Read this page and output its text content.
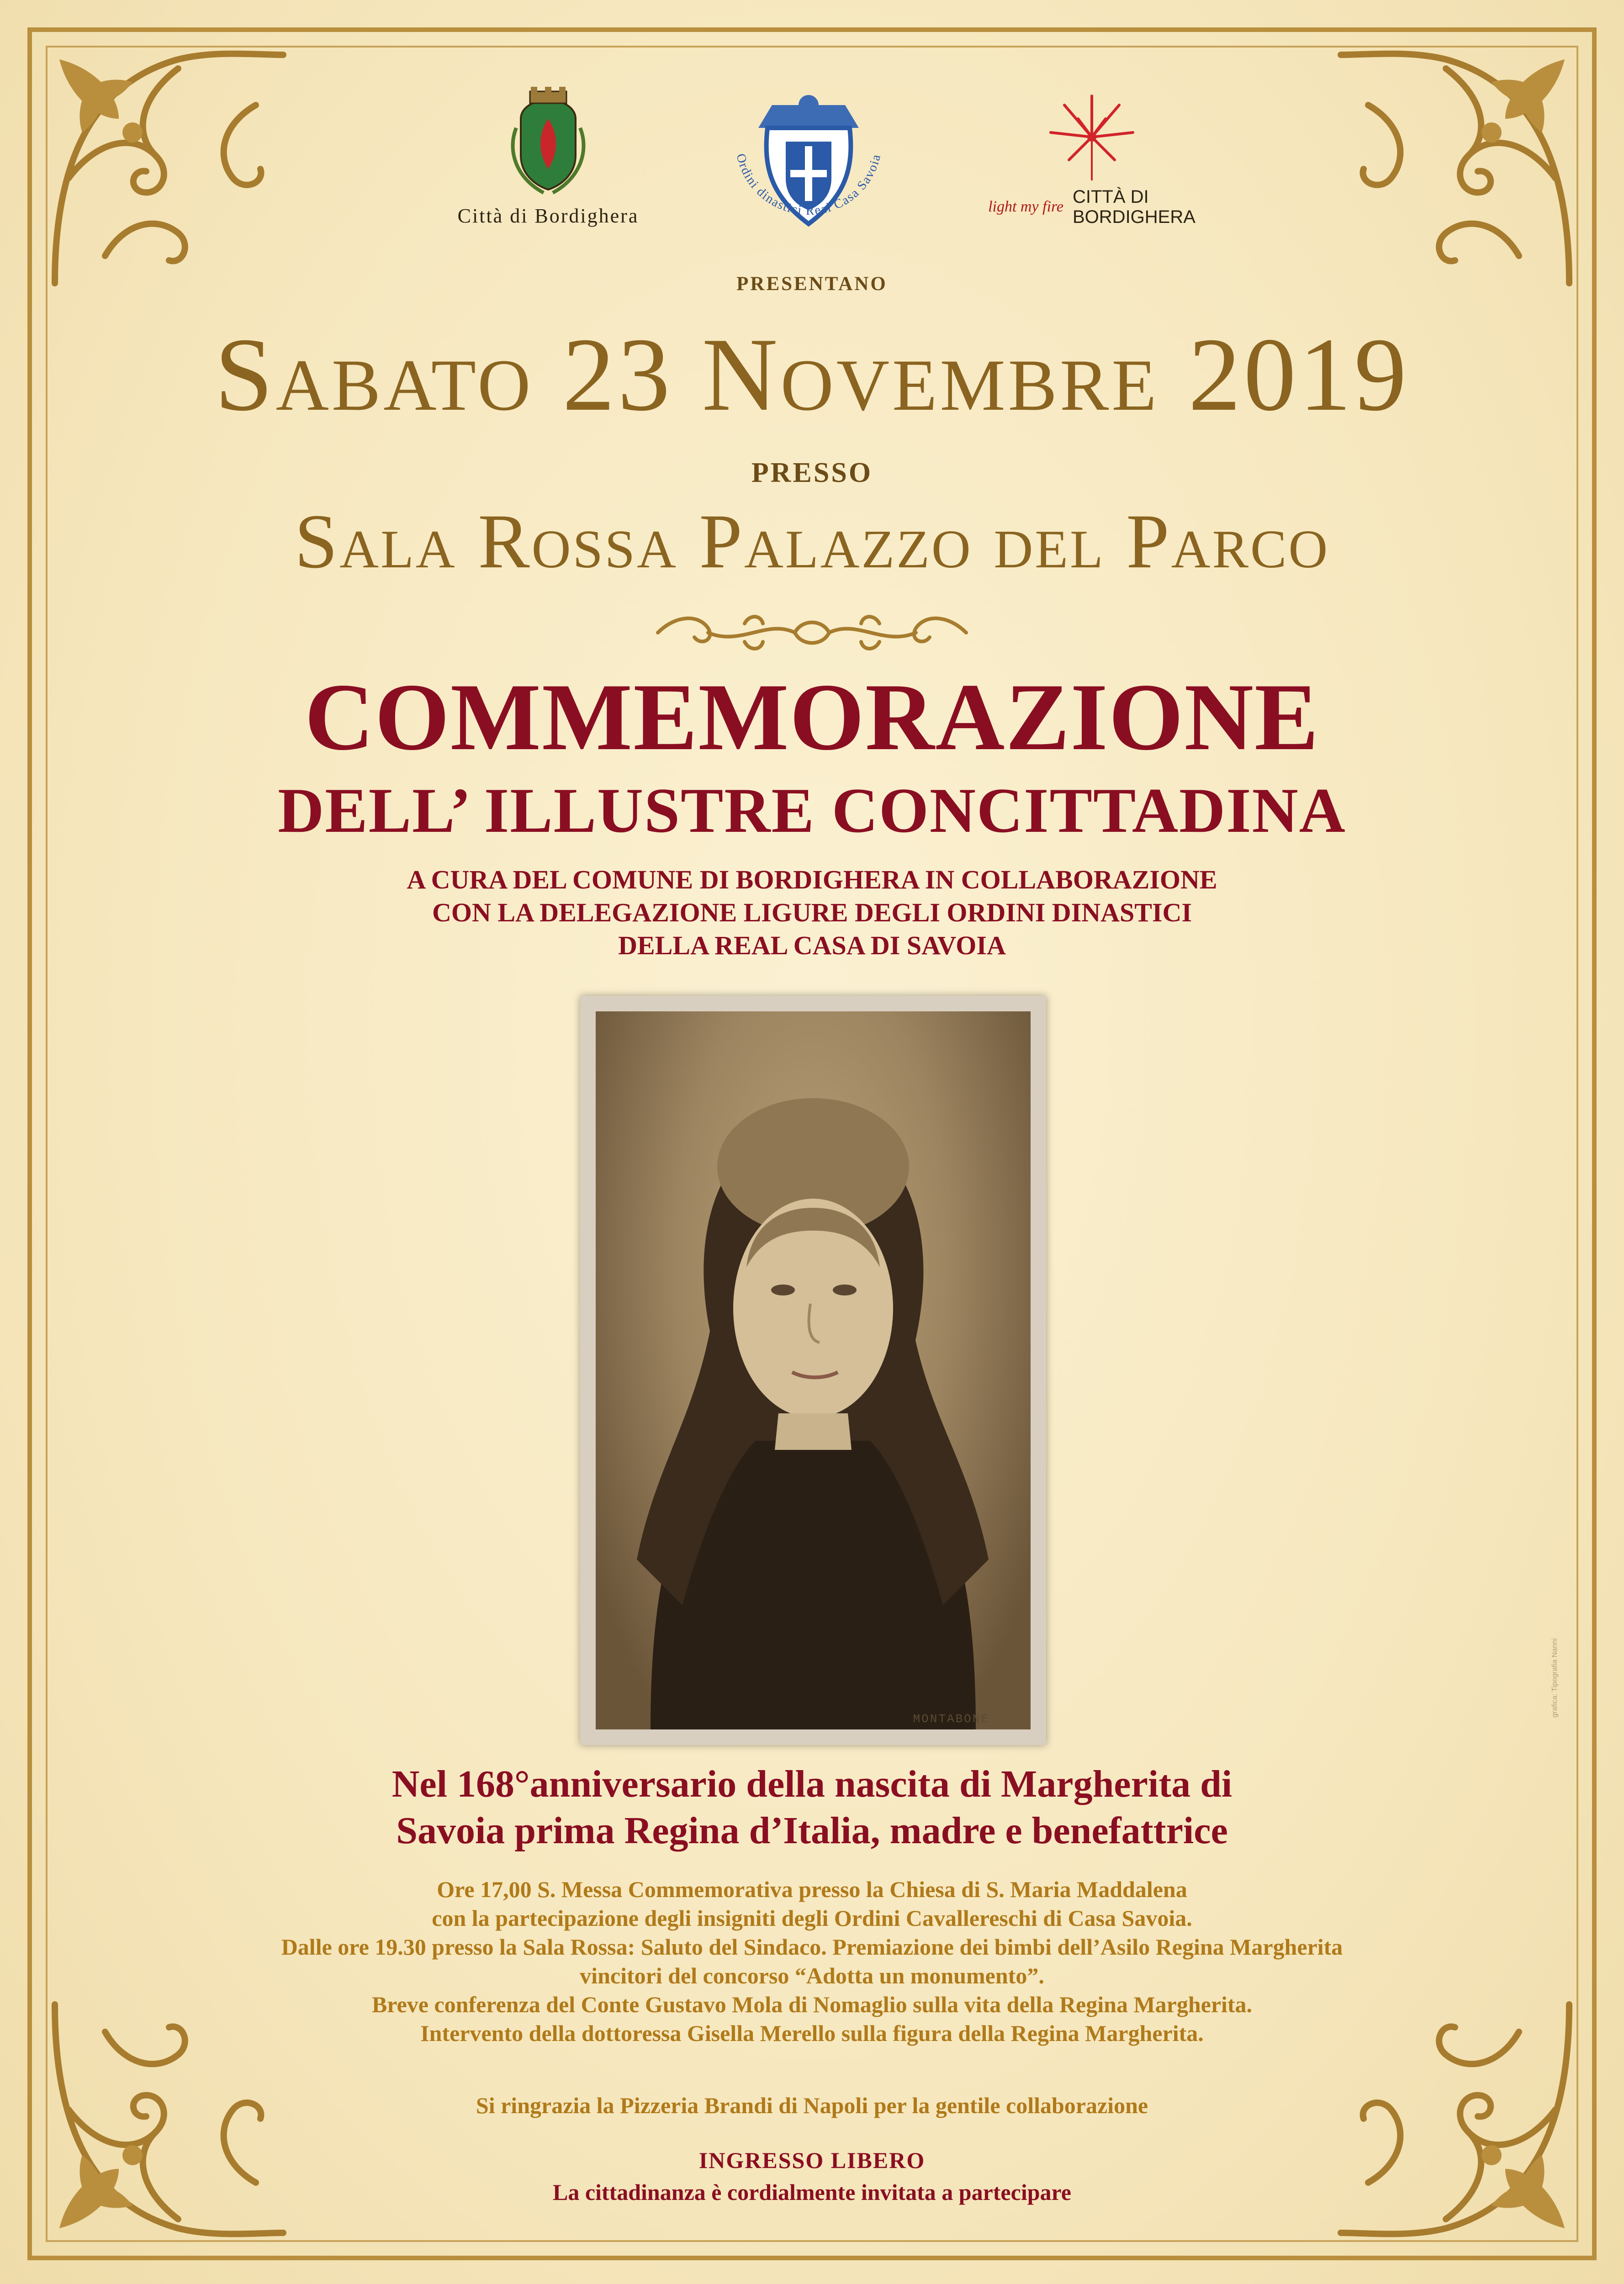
Città di Bordighera
Ordini dinastici Real Casa Savoia
light my fire CITTÀ DI
BORDIGHERA
presentano
Sabato 23 Novembre 2019
PRESSO
Sala Rossa Palazzo del Parco
COMMEMORAZIONE
DELL’ ILLUSTRE CONCITTADINA
A CURA DEL COMUNE DI BORDIGHERA IN COLLABORAZIONE
CON LA DELEGAZIONE LIGURE DEGLI ORDINI DINASTICI
DELLA REAL CASA DI SAVOIA
MONTABONE
grafica: Tipografia Nanni
Nel 168°anniversario della nascita di Margherita di
Savoia prima Regina d’Italia, madre e benefattrice
Ore 17,00 S. Messa Commemorativa presso la Chiesa di S. Maria Maddalena
con la partecipazione degli insigniti degli Ordini Cavallereschi di Casa Savoia.
Dalle ore 19.30 presso la Sala Rossa: Saluto del Sindaco. Premiazione dei bimbi dell’Asilo Regina Margherita
vincitori del concorso “Adotta un monumento”.
Breve conferenza del Conte Gustavo Mola di Nomaglio sulla vita della Regina Margherita.
Intervento della dottoressa Gisella Merello sulla figura della Regina Margherita.
Si ringrazia la Pizzeria Brandi di Napoli per la gentile collaborazione
INGRESSO LIBERO
La cittadinanza è cordialmente invitata a partecipare
